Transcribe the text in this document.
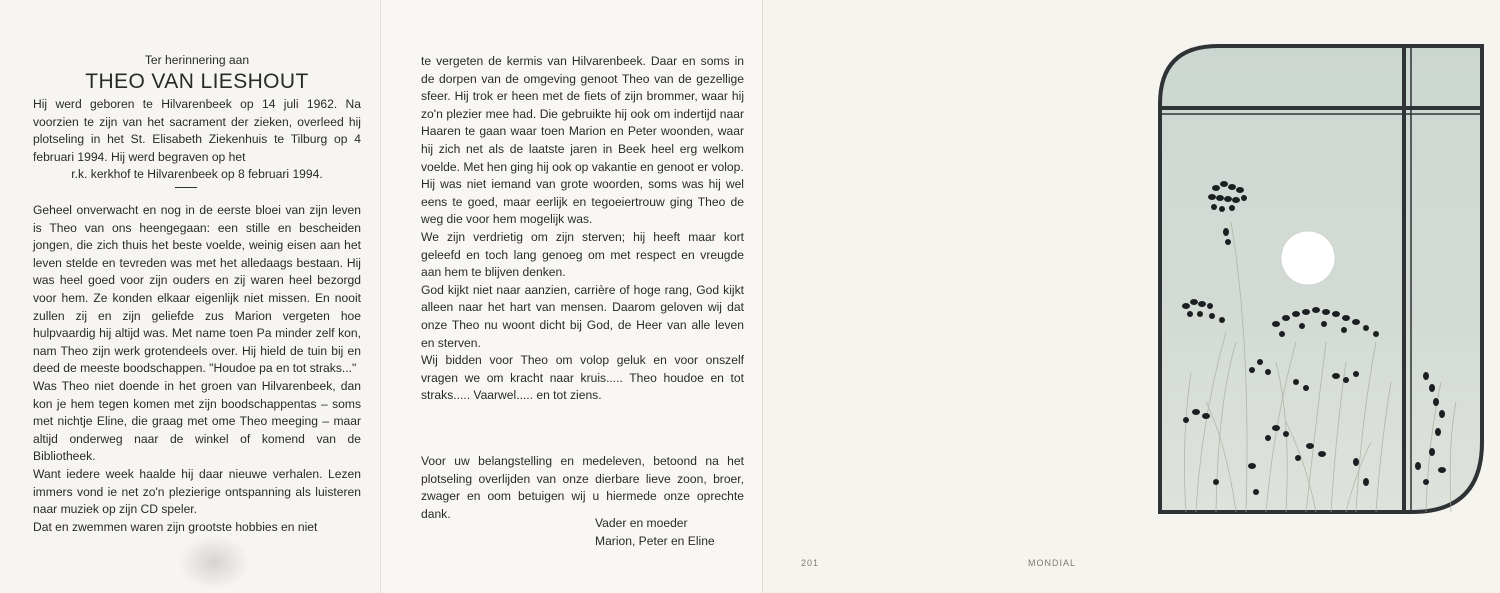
Ter herinnering aan
THEO VAN LIESHOUT

Hij werd geboren te Hilvarenbeek op 14 juli 1962. Na voorzien te zijn van het sacrament der zieken, overleed hij plotseling in het St. Elisabeth Ziekenhuis te Tilburg op 4 februari 1994. Hij werd begraven op het

r.k. kerkhof te Hilvarenbeek op 8 februari 1994.

Geheel onverwacht en nog in de eerste bloei van zijn leven is Theo van ons heengegaan: een stille en bescheiden jongen, die zich thuis het beste voelde, weinig eisen aan het leven stelde en tevreden was met het alledaags bestaan. Hij was heel goed voor zijn ouders en zij waren heel bezorgd voor hem. Ze konden elkaar eigenlijk niet missen. En nooit zullen zij en zijn geliefde zus Marion vergeten hoe hulpvaardig hij altijd was. Met name toen Pa minder zelf kon, nam Theo zijn werk grotendeels over. Hij hield de tuin bij en deed de meeste boodschappen. "Houdoe pa en tot straks..."

Was Theo niet doende in het groen van Hilvarenbeek, dan kon je hem tegen komen met zijn boodschappentas – soms met nichtje Eline, die graag met ome Theo meeging – maar altijd onderweg naar de winkel of komend van de Bibliotheek.

Want iedere week haalde hij daar nieuwe verhalen. Lezen immers vond ie net zo'n plezierige ontspanning als luisteren naar muziek op zijn CD speler.

Dat en zwemmen waren zijn grootste hobbies en niet

te vergeten de kermis van Hilvarenbeek. Daar en soms in de dorpen van de omgeving genoot Theo van de gezellige sfeer. Hij trok er heen met de fiets of zijn brommer, waar hij zo'n plezier mee had. Die gebruikte hij ook om indertijd naar Haaren te gaan waar toen Marion en Peter woonden, waar hij zich net als de laatste jaren in Beek heel erg welkom voelde. Met hen ging hij ook op vakantie en genoot er volop.

Hij was niet iemand van grote woorden, soms was hij wel eens te goed, maar eerlijk en tegoeiertrouw ging Theo de weg die voor hem mogelijk was.

We zijn verdrietig om zijn sterven; hij heeft maar kort geleefd en toch lang genoeg om met respect en vreugde aan hem te blijven denken.

God kijkt niet naar aanzien, carrière of hoge rang, God kijkt alleen naar het hart van mensen. Daarom geloven wij dat onze Theo nu woont dicht bij God, de Heer van alle leven en sterven.

Wij bidden voor Theo om volop geluk en voor onszelf vragen we om kracht naar kruis..... Theo houdoe en tot straks..... Vaarwel..... en tot ziens.

Voor uw belangstelling en medeleven, betoond na het plotseling overlijden van onze dierbare lieve zoon, broer, zwager en oom betuigen wij u hiermede onze oprechte dank.

Vader en moeder
Marion, Peter en Eline
201	MONDIAL
